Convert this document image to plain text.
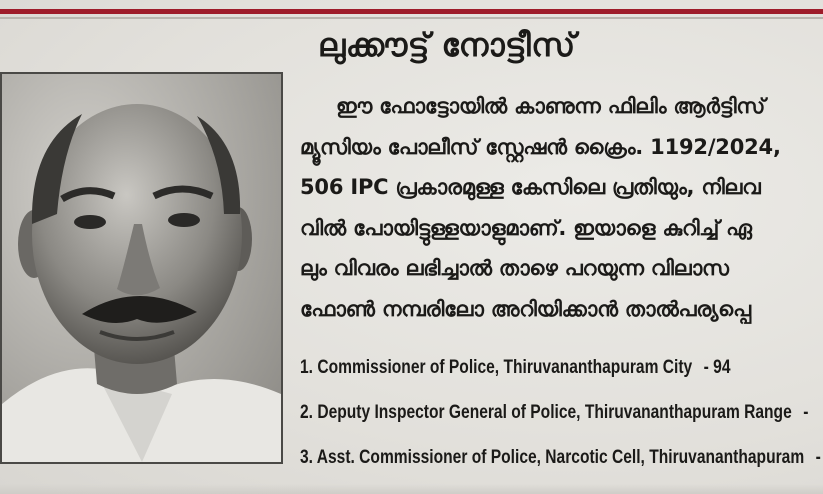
ലുക്കൗട്ട് നോട്ടീസ്
ഈ ഫോട്ടോയിൽ കാണുന്ന ഫിലിം ആർട്ടിസ്
മ്യൂസിയം പോലീസ് സ്റ്റേഷൻ ക്രൈം. 1192/2024,
506 IPC പ്രകാരമുള്ള കേസിലെ പ്രതിയും, നിലവ
വിൽ പോയിട്ടുള്ളയാളുമാണ്. ഇയാളെ കുറിച്ച് ഏ
ലും വിവരം ലഭിച്ചാൽ താഴെ പറയുന്ന വിലാസ
ഫോൺ നമ്പരിലോ അറിയിക്കാൻ താൽപര്യപ്പെ
1. Commissioner of Police, Thiruvananthapuram City - 94
2. Deputy Inspector General of Police, Thiruvananthapuram Range -
3. Asst. Commissioner of Police, Narcotic Cell, Thiruvananthapuram -
